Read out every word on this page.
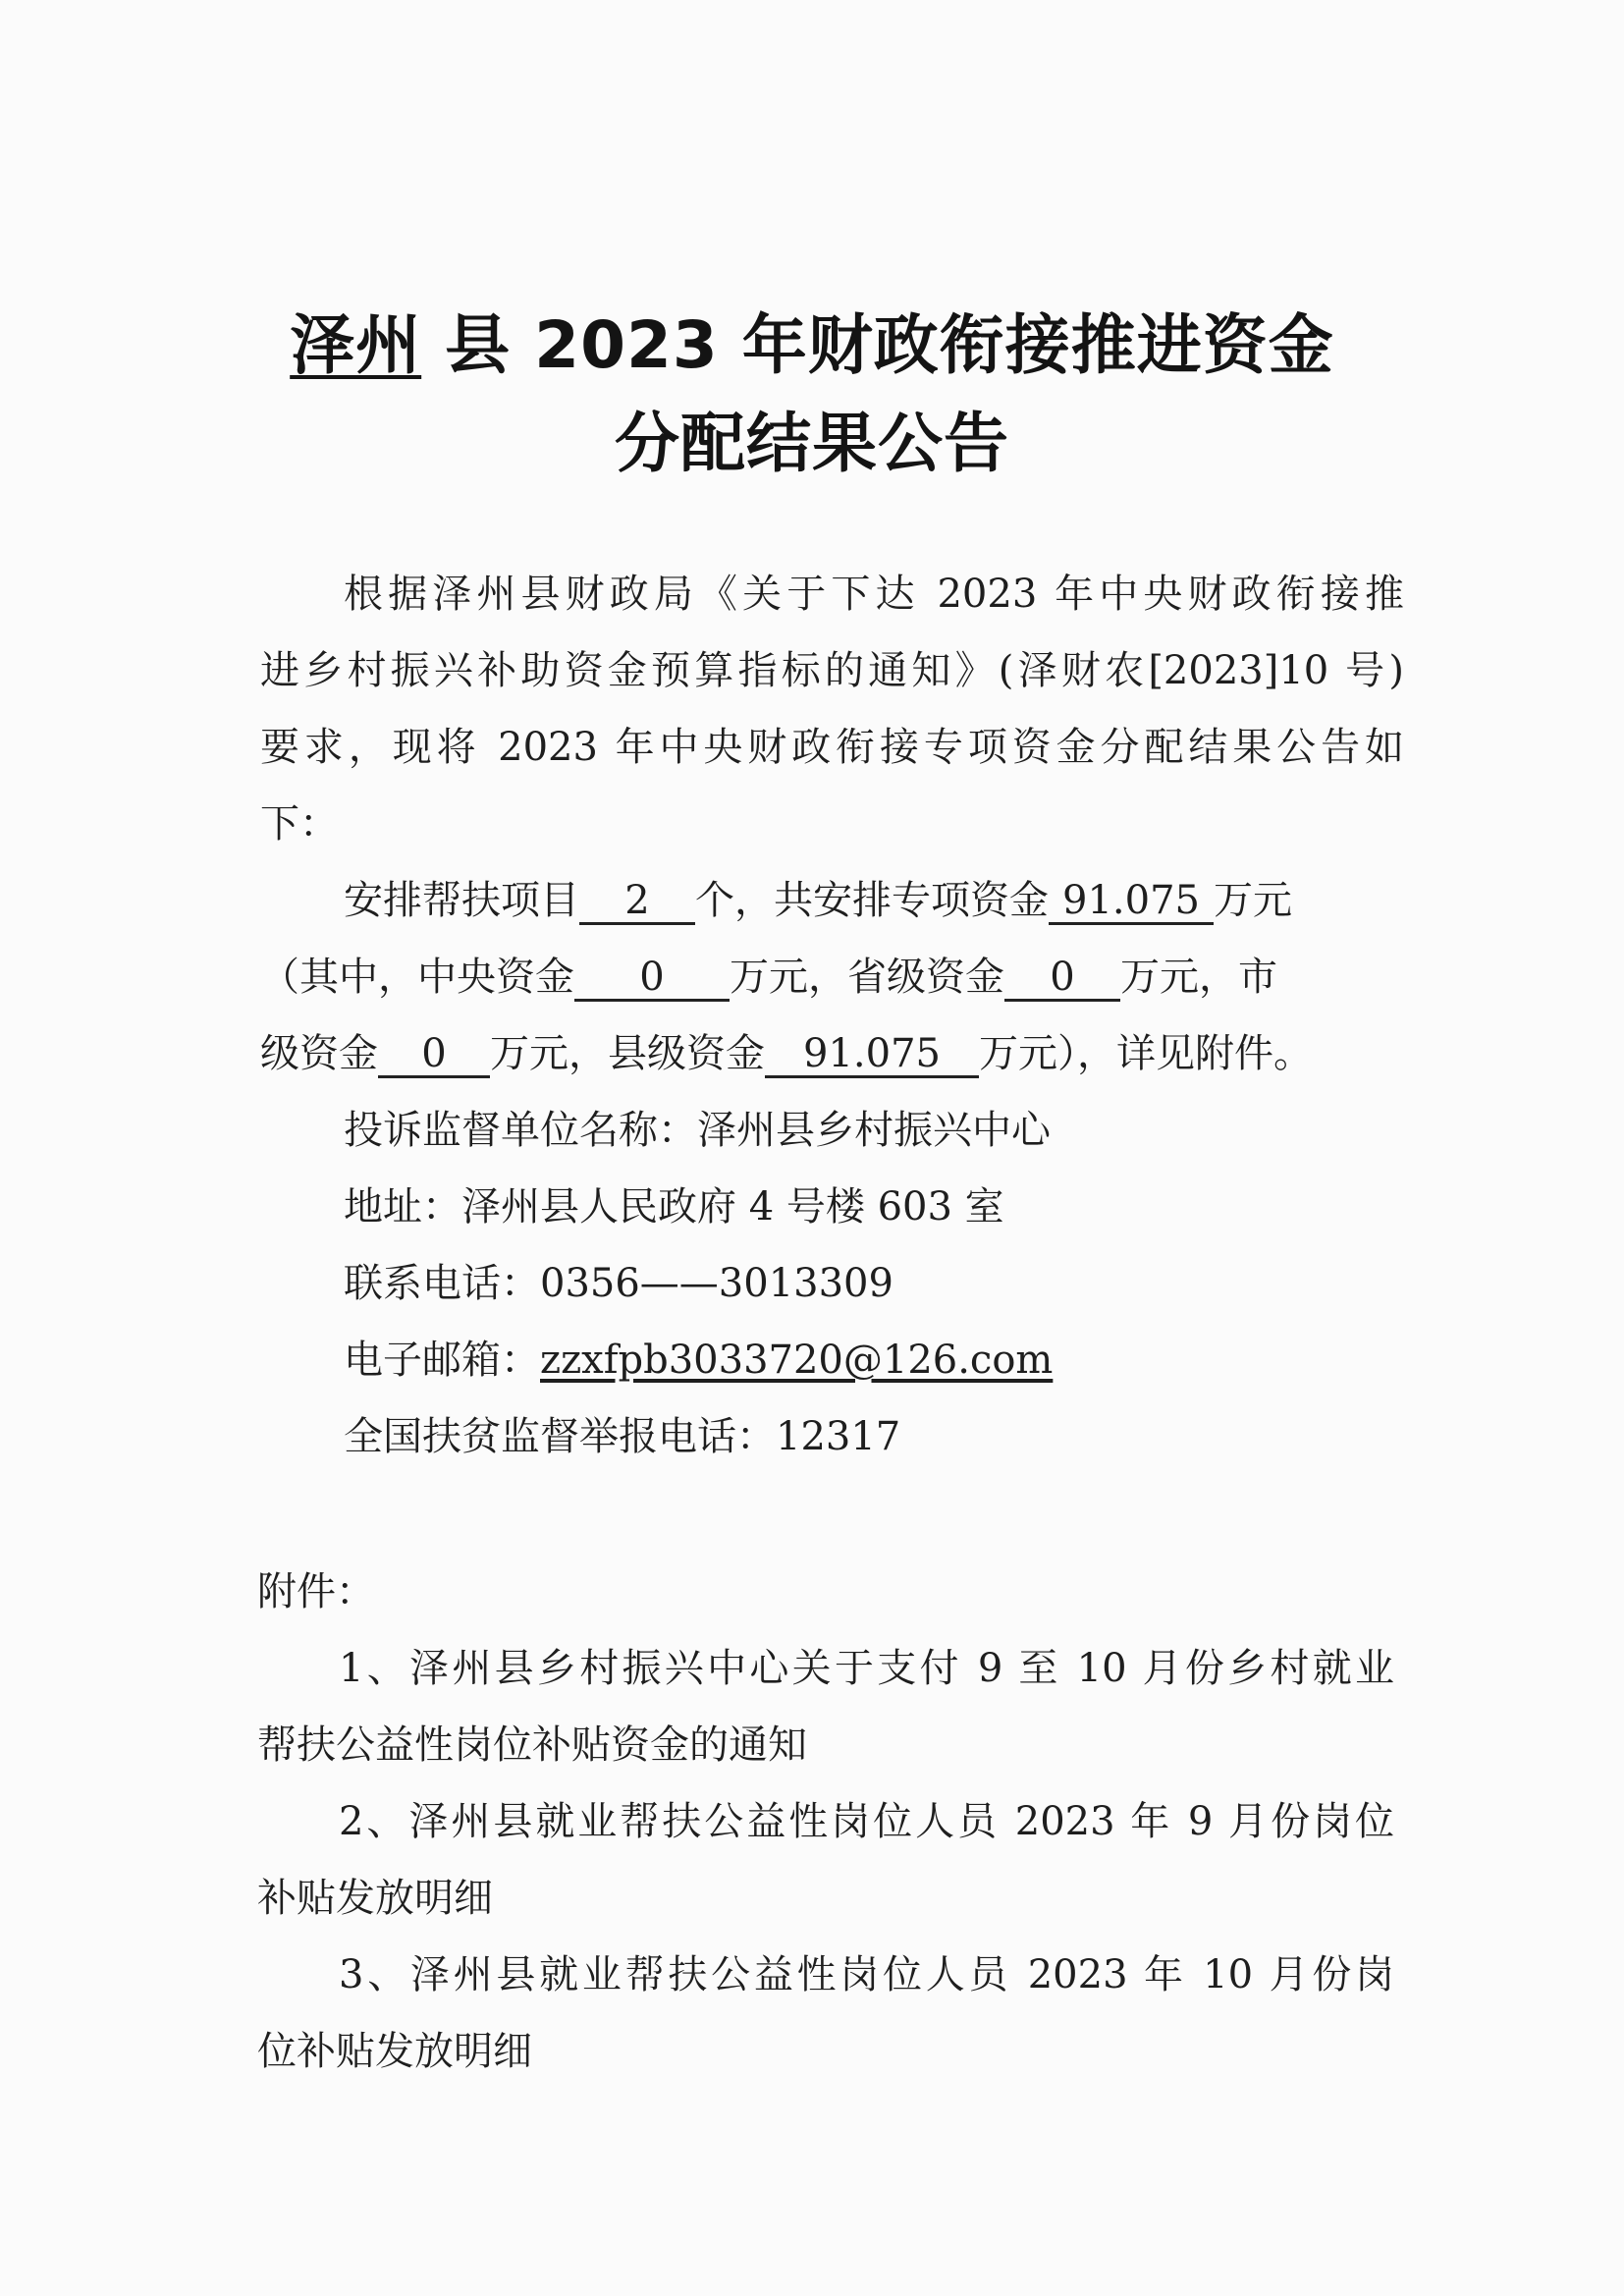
泽州 县 2023 年财政衔接推进资金
分配结果公告
根据泽州县财政局《关于下达 2023 年中央财政衔接推
进乡村振兴补助资金预算指标的通知》(泽财农[2023]10 号)
要求，现将 2023 年中央财政衔接专项资金分配结果公告如
下：
安排帮扶项目 2 个，共安排专项资金 91.075 万元
（其中，中央资金 0 万元，省级资金 0 万元，市
级资金 0 万元，县级资金 91.075 万元），详见附件。
投诉监督单位名称：泽州县乡村振兴中心
地址：泽州县人民政府 4 号楼 603 室
联系电话：0356——3013309
电子邮箱：zzxfpb3033720@126.com
全国扶贫监督举报电话：12317
附件：
1、泽州县乡村振兴中心关于支付 9 至 10 月份乡村就业
帮扶公益性岗位补贴资金的通知
2、泽州县就业帮扶公益性岗位人员 2023 年 9 月份岗位
补贴发放明细
3、泽州县就业帮扶公益性岗位人员 2023 年 10 月份岗
位补贴发放明细
